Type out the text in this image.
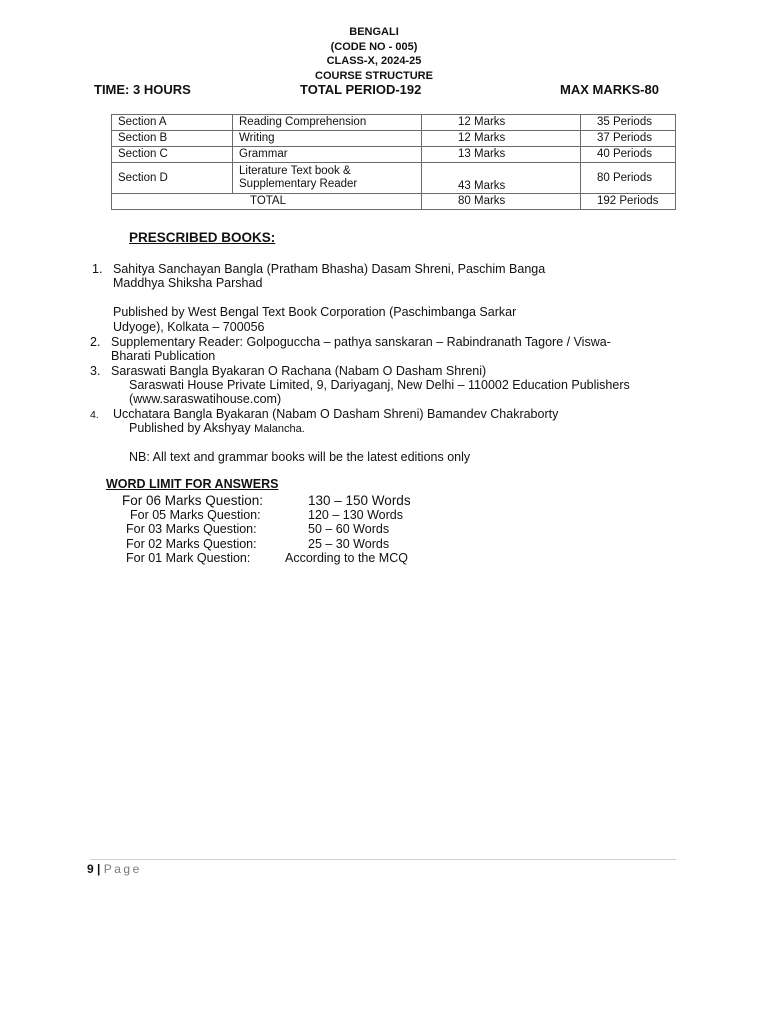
BENGALI
(CODE NO - 005)
CLASS-X, 2024-25
COURSE STRUCTURE
TIME: 3 HOURS	TOTAL PERIOD-192	MAX MARKS-80
Section A	Reading Comprehension	12 Marks	35 Periods
Section B	Writing	12 Marks	37 Periods
Section C	Grammar	13 Marks	40 Periods
Section D	Literature Text book &
Supplementary Reader	43 Marks	80 Periods
TOTAL		80 Marks	192 Periods
PRESCRIBED BOOKS:
1. Sahitya Sanchayan Bangla (Pratham Bhasha) Dasam Shreni, Paschim Banga
Maddhya Shiksha Parshad
Published by West Bengal Text Book Corporation (Paschimbanga Sarkar
Udyoge), Kolkata – 700056
2. Supplementary Reader: Golpoguccha – pathya sanskaran – Rabindranath Tagore / Viswa-
Bharati Publication
3. Saraswati Bangla Byakaran O Rachana (Nabam O Dasham Shreni)
Saraswati House Private Limited, 9, Dariyaganj, New Delhi – 110002 Education Publishers
(www.saraswatihouse.com)
4. Ucchatara Bangla Byakaran (Nabam O Dasham Shreni) Bamandev Chakraborty
Published by Akshyay Malancha.
NB: All text and grammar books will be the latest editions only
WORD LIMIT FOR ANSWERS
For 06 Marks Question:	130 – 150 Words
For 05 Marks Question:	120 – 130 Words
For 03 Marks Question:	50 – 60 Words
For 02 Marks Question:	25 – 30 Words
For 01 Mark Question:	According to the MCQ
9 | Page
